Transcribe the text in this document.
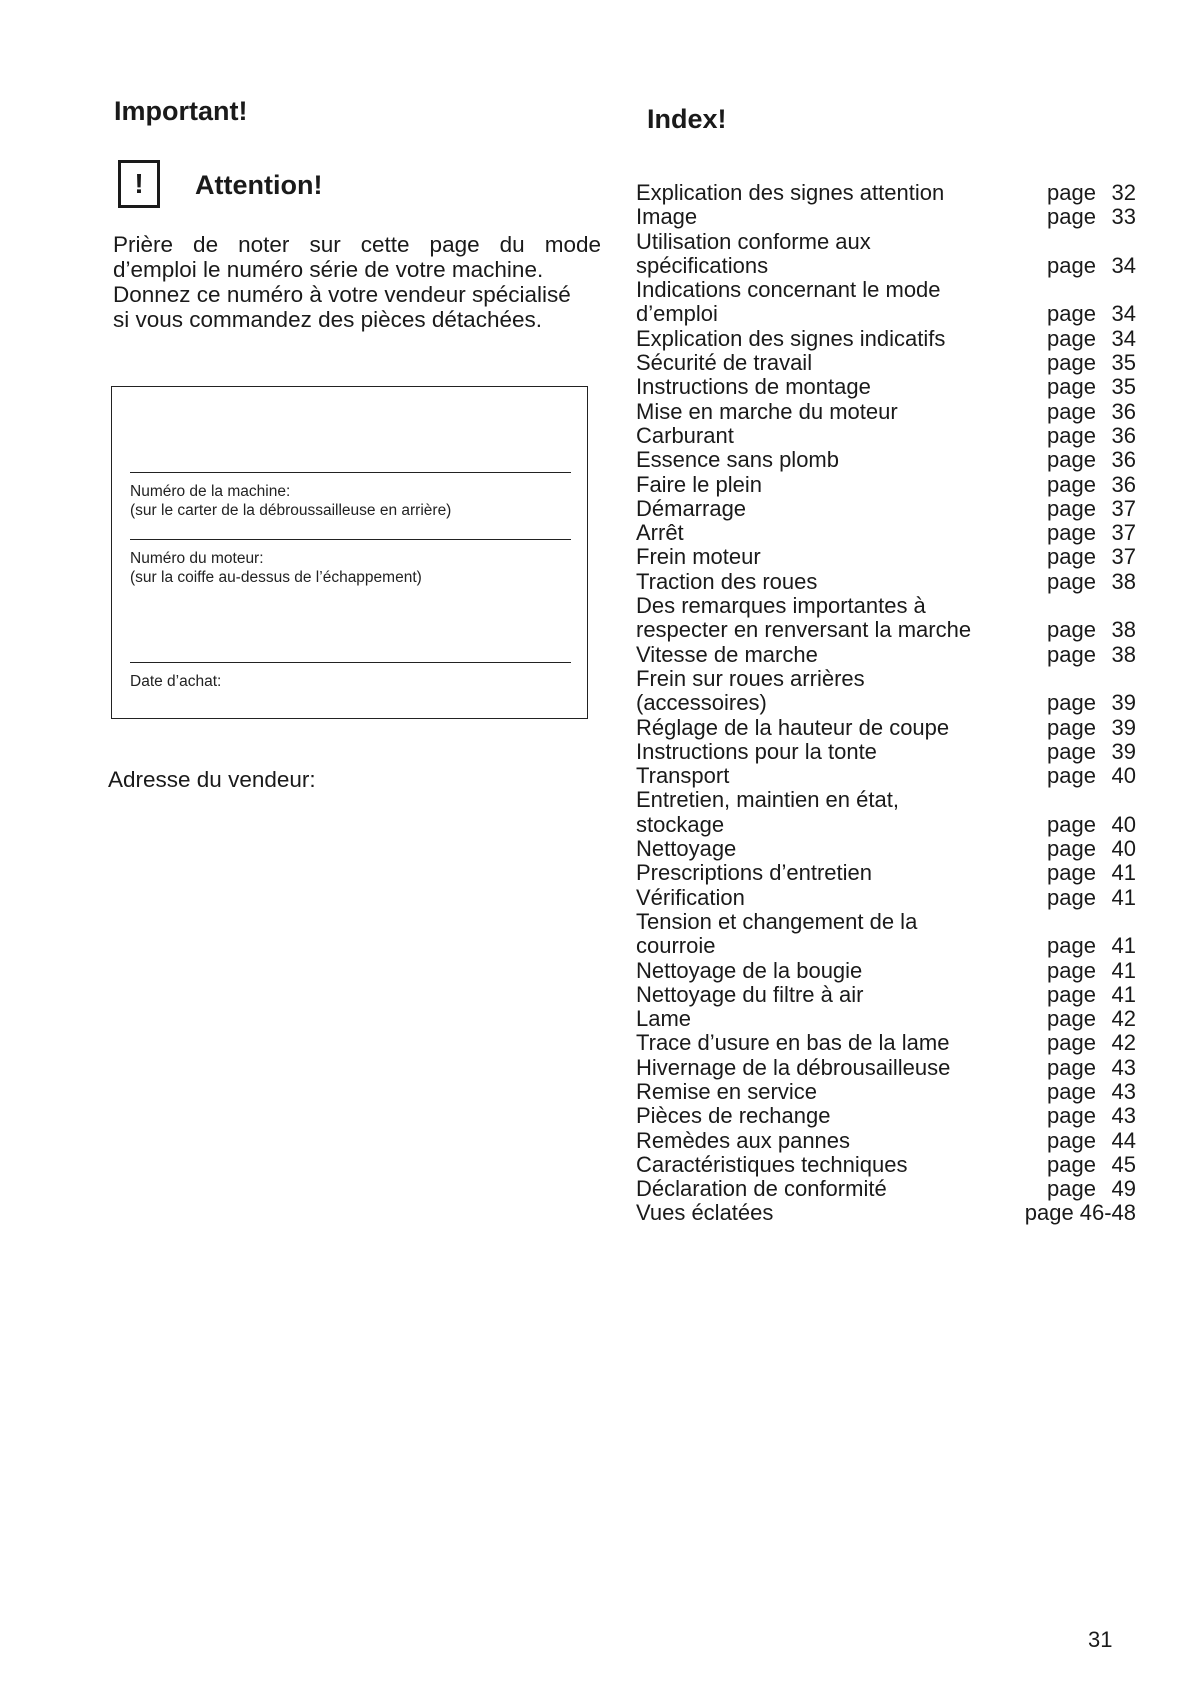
Important!	Index!
!	Attention!

Prière de noter sur cette page du mode
d’emploi le numéro série de votre machine.
Donnez ce numéro à votre vendeur spécialisé
si vous commandez des pièces détachées.

Numéro de la machine:
(sur le carter de la débroussailleuse en arrière)
Numéro du moteur:
(sur la coiffe au-dessus de l’échappement)
Date d’achat:
Adresse du vendeur:
Explication des signes attention	page 32
Image	page 33
Utilisation conforme aux
spécifications	page 34
Indications concernant le mode
d’emploi	page 34
Explication des signes indicatifs	page 34
Sécurité de travail	page 35
Instructions de montage	page 35
Mise en marche du moteur	page 36
Carburant	page 36
Essence sans plomb	page 36
Faire le plein	page 36
Démarrage	page 37
Arrêt	page 37
Frein moteur	page 37
Traction des roues	page 38
Des remarques importantes à
respecter en renversant la marche	page 38
Vitesse de marche	page 38
Frein sur roues arrières
(accessoires)	page 39
Réglage de la hauteur de coupe	page 39
Instructions pour la tonte	page 39
Transport	page 40
Entretien, maintien en état,
stockage	page 40
Nettoyage	page 40
Prescriptions d’entretien	page 41
Vérification	page 41
Tension et changement de la
courroie	page 41
Nettoyage de la bougie	page 41
Nettoyage du filtre à air	page 41
Lame	page 42
Trace d’usure en bas de la lame	page 42
Hivernage de la débrousailleuse	page 43
Remise en service	page 43
Pièces de rechange	page 43
Remèdes aux pannes	page 44
Caractéristiques techniques	page 45
Déclaration de conformité	page 49
Vues éclatées	page 46-48
31
